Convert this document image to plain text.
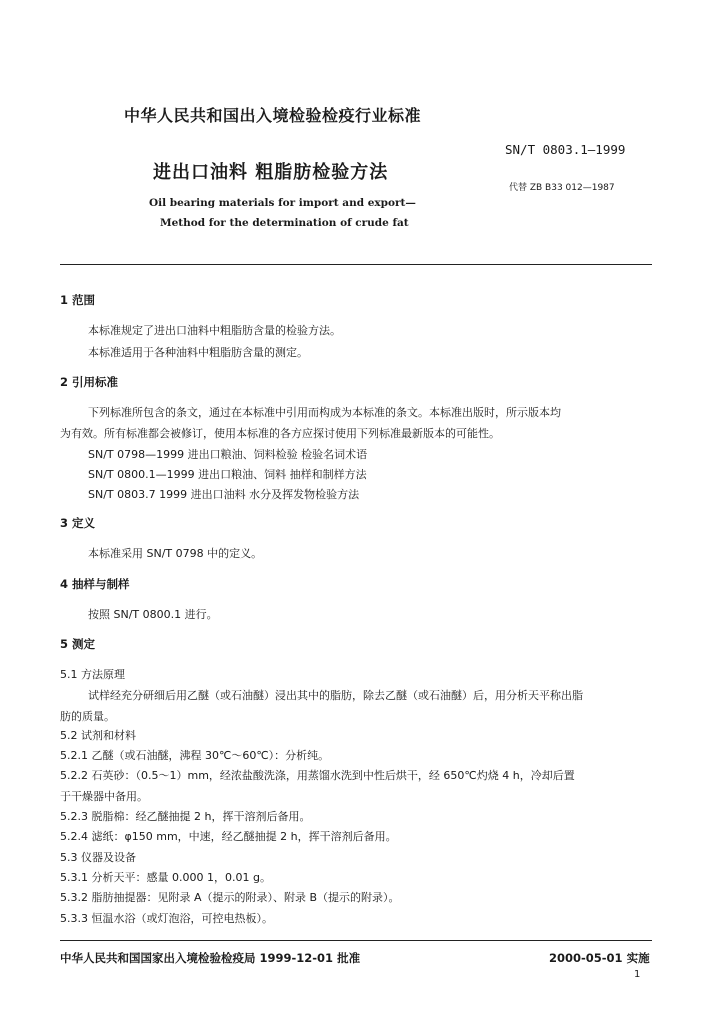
中华人民共和国出入境检验检疫行业标准
SN/T 0803.1—1999
进出口油料 粗脂肪检验方法
代替 ZB B33 012—1987
Oil bearing materials for import and export—
Method for the determination of crude fat
1 范围
本标准规定了进出口油料中粗脂肪含量的检验方法。
本标准适用于各种油料中粗脂肪含量的测定。
2 引用标准
下列标准所包含的条文，通过在本标准中引用而构成为本标准的条文。本标准出版时，所示版本均
为有效。所有标准都会被修订，使用本标准的各方应探讨使用下列标准最新版本的可能性。
SN/T 0798—1999 进出口粮油、饲料检验 检验名词术语
SN/T 0800.1—1999 进出口粮油、饲料 抽样和制样方法
SN/T 0803.7 1999 进出口油料 水分及挥发物检验方法
3 定义
本标准采用 SN/T 0798 中的定义。
4 抽样与制样
按照 SN/T 0800.1 进行。
5 测定
5.1 方法原理
试样经充分研细后用乙醚（或石油醚）浸出其中的脂肪，除去乙醚（或石油醚）后，用分析天平称出脂
肪的质量。
5.2 试剂和材料
5.2.1 乙醚（或石油醚，沸程 30℃～60℃）：分析纯。
5.2.2 石英砂：（0.5～1）mm，经浓盐酸洗涤，用蒸馏水洗到中性后烘干，经 650℃灼烧 4 h，冷却后置
于干燥器中备用。
5.2.3 脱脂棉：经乙醚抽提 2 h，挥干溶剂后备用。
5.2.4 滤纸：φ150 mm，中速，经乙醚抽提 2 h，挥干溶剂后备用。
5.3 仪器及设备
5.3.1 分析天平：感量 0.000 1，0.01 g。
5.3.2 脂肪抽提器：见附录 A（提示的附录）、附录 B（提示的附录）。
5.3.3 恒温水浴（或灯泡浴，可控电热板）。
中华人民共和国国家出入境检验检疫局 1999-12-01 批准	2000-05-01 实施
1
